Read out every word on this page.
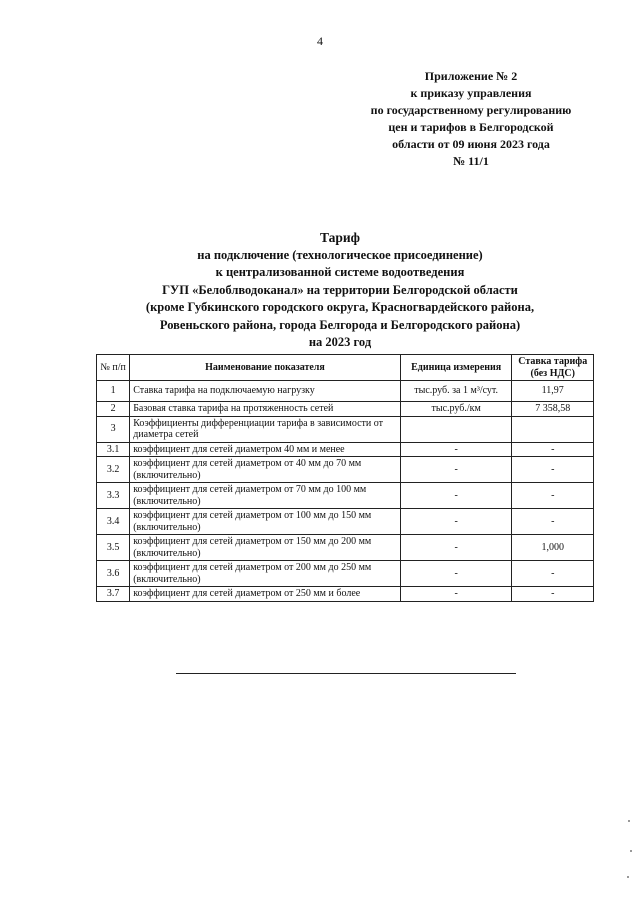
4
Приложение № 2
к приказу управления
по государственному регулированию
цен и тарифов в Белгородской
области от 09 июня 2023 года
№ 11/1
Тариф
на подключение (технологическое присоединение)
к централизованной системе водоотведения
ГУП «Белоблводоканал» на территории Белгородской области
(кроме Губкинского городского округа, Красногвардейского района,
Ровеньского района, города Белгорода и Белгородского района)
на 2023 год
№ п/п	Наименование показателя	Единица измерения	Ставка тарифа (без НДС)
1	Ставка тарифа на подключаемую нагрузку	тыс.руб. за 1 м³/сут.	11,97
2	Базовая ставка тарифа на протяженность сетей	тыс.руб./км	7 358,58
3	Коэффициенты дифференциации тарифа в зависимости от диаметра сетей		
3.1	коэффициент для сетей диаметром 40 мм и менее	-	-
3.2	коэффициент для сетей диаметром от 40 мм до 70 мм (включительно)	-	-
3.3	коэффициент для сетей диаметром от 70 мм до 100 мм (включительно)	-	-
3.4	коэффициент для сетей диаметром от 100 мм до 150 мм (включительно)	-	-
3.5	коэффициент для сетей диаметром от 150 мм до 200 мм (включительно)	-	1,000
3.6	коэффициент для сетей диаметром от 200 мм до 250 мм (включительно)	-	-
3.7	коэффициент для сетей диаметром от 250 мм и более	-	-
